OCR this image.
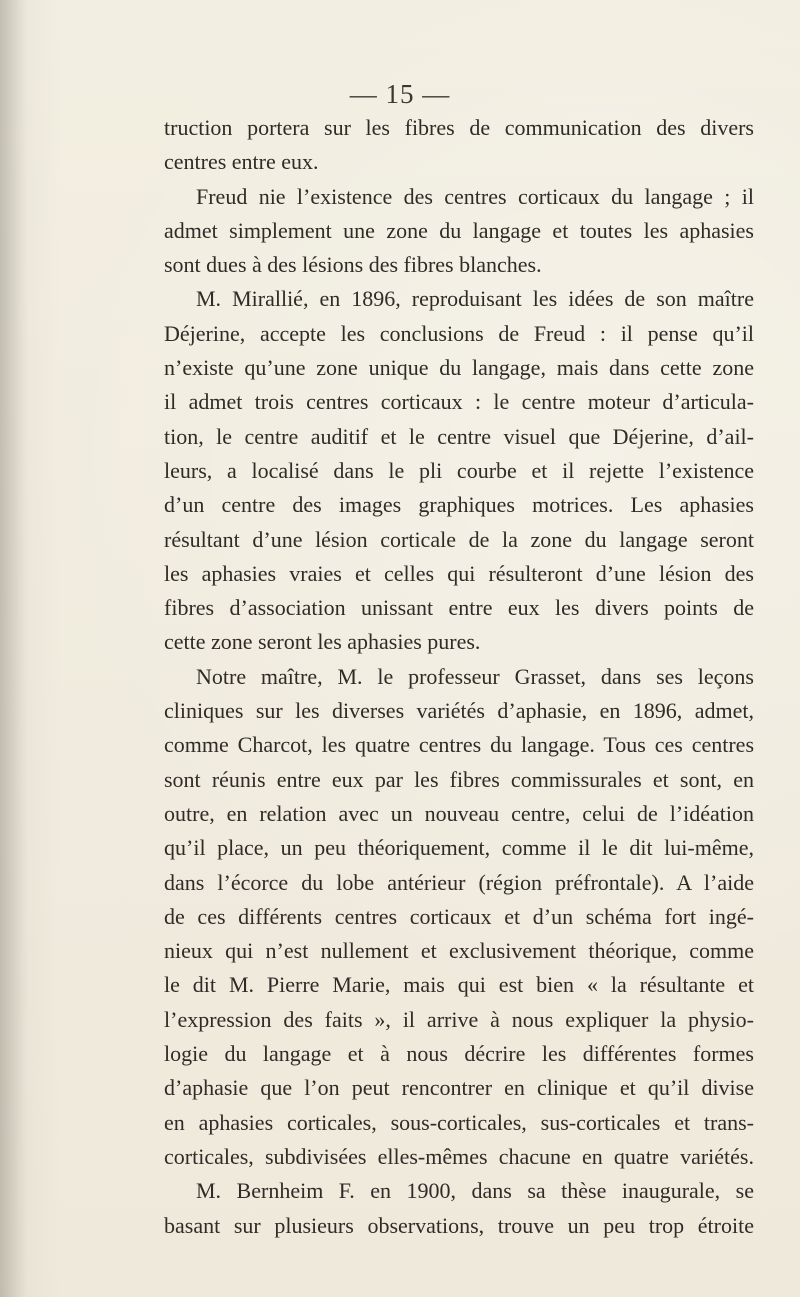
— 15 —
truction portera sur les fibres de communication des divers
centres entre eux.
Freud nie l’existence des centres corticaux du langage ; il
admet simplement une zone du langage et toutes les aphasies
sont dues à des lésions des fibres blanches.
M. Mirallié, en 1896, reproduisant les idées de son maître
Déjerine, accepte les conclusions de Freud : il pense qu’il
n’existe qu’une zone unique du langage, mais dans cette zone
il admet trois centres corticaux : le centre moteur d’articula-
tion, le centre auditif et le centre visuel que Déjerine, d’ail-
leurs, a localisé dans le pli courbe et il rejette l’existence
d’un centre des images graphiques motrices. Les aphasies
résultant d’une lésion corticale de la zone du langage seront
les aphasies vraies et celles qui résulteront d’une lésion des
fibres d’association unissant entre eux les divers points de
cette zone seront les aphasies pures.
Notre maître, M. le professeur Grasset, dans ses leçons
cliniques sur les diverses variétés d’aphasie, en 1896, admet,
comme Charcot, les quatre centres du langage. Tous ces centres
sont réunis entre eux par les fibres commissurales et sont, en
outre, en relation avec un nouveau centre, celui de l’idéation
qu’il place, un peu théoriquement, comme il le dit lui-même,
dans l’écorce du lobe antérieur (région préfrontale). A l’aide
de ces différents centres corticaux et d’un schéma fort ingé-
nieux qui n’est nullement et exclusivement théorique, comme
le dit M. Pierre Marie, mais qui est bien « la résultante et
l’expression des faits », il arrive à nous expliquer la physio-
logie du langage et à nous décrire les différentes formes
d’aphasie que l’on peut rencontrer en clinique et qu’il divise
en aphasies corticales, sous-corticales, sus-corticales et trans-
corticales, subdivisées elles-mêmes chacune en quatre variétés.
M. Bernheim F. en 1900, dans sa thèse inaugurale, se
basant sur plusieurs observations, trouve un peu trop étroite
